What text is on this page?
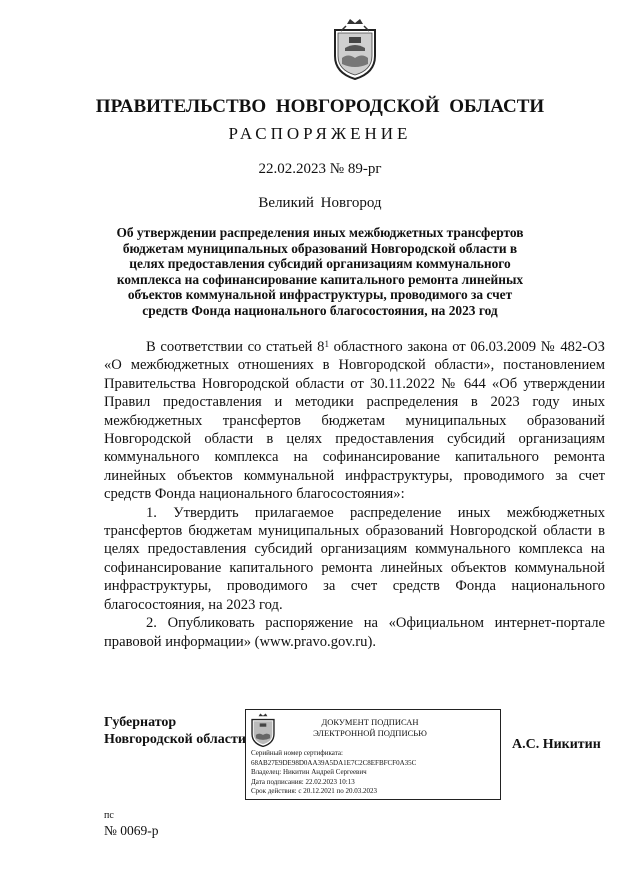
ПРАВИТЕЛЬСТВО НОВГОРОДСКОЙ ОБЛАСТИ
РАСПОРЯЖЕНИЕ
22.02.2023 № 89-рг
Великий Новгород
Об утверждении распределения иных межбюджетных трансфертов бюджетам муниципальных образований Новгородской области в целях предоставления субсидий организациям коммунального комплекса на софинансирование капитального ремонта линейных объектов коммунальной инфраструктуры, проводимого за счет средств Фонда национального благосостояния, на 2023 год

В соответствии со статьей $8^1$ областного закона от 06.03.2009 № 482-ОЗ «О межбюджетных отношениях в Новгородской области», постановлением Правительства Новгородской области от 30.11.2022 № 644 «Об утверждении Правил предоставления и методики распределения в 2023 году иных межбюджетных трансфертов бюджетам муниципальных образований Новгородской области в целях предоставления субсидий организациям коммунального комплекса на софинансирование капитального ремонта линейных объектов коммунальной инфраструктуры, проводимого за счет средств Фонда национального благосостояния»:

1. Утвердить прилагаемое распределение иных межбюджетных трансфертов бюджетам муниципальных образований Новгородской области в целях предоставления субсидий организациям коммунального комплекса на софинансирование капитального ремонта линейных объектов коммунальной инфраструктуры, проводимого за счет средств Фонда национального благосостояния, на 2023 год.

2. Опубликовать распоряжение на «Официальном интернет-портале правовой информации» (www.pravo.gov.ru).

Губернатор
Новгородской области
ДОКУМЕНТ ПОДПИСАН
ЭЛЕКТРОННОЙ ПОДПИСЬЮ
Серийный номер сертификата:
68AB27E9DE98D0AA39A5DA1E7C2C8EFBFCF0A35C
Владелец: Никитин Андрей Сергеевич
Дата подписания: 22.02.2023 10:13
Срок действия: с 20.12.2021 по 20.03.2023
А.С. Никитин
пс
№ 0069-р
